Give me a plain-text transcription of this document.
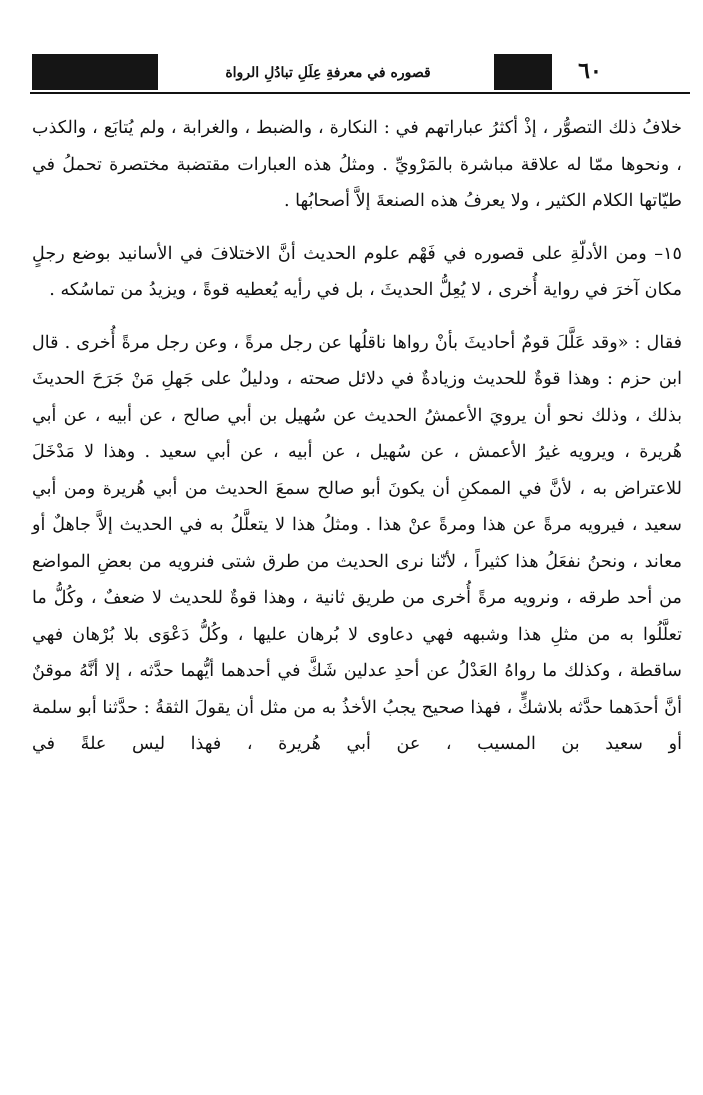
٦٠
قصوره في معرفةِ عِلَلِ تبادُلِ الرواة

خلافُ ذلك التصوُّر ، إذْ أكثرُ عباراتهم في : النكارة ، والضبط ، والغرابة ، ولم يُتابَع ، والكذب ، ونحوها ممّا له علاقة مباشرة بالمَرْويِّ . ومثلُ هذه العبارات مقتضبة مختصرة تحملُ في طيّاتها الكلام الكثير ، ولا يعرفُ هذه الصنعةَ إلاَّ أصحابُها .

١٥– ومن الأدلّةِ على قصوره في فَهْم علوم الحديث أنَّ الاختلافَ في الأسانيد بوضع رجلٍ مكان آخرَ في رواية أُخرى ، لا يُعِلُّ الحديثَ ، بل في رأيه يُعطيه قوةً ، ويزيدُ من تماسُكه .

فقال : «وقد عَلَّلَ قومٌ أحاديثَ بأنْ رواها ناقلُها عن رجل مرةً ، وعن رجل مرةً أُخرى . قال ابن حزم : وهذا قوةٌ للحديث وزيادةٌ في دلائل صحته ، ودليلٌ على جَهلِ مَنْ جَرَحَ الحديثَ بذلك ، وذلك نحو أن يرويَ الأعمشُ الحديث عن سُهيل بن أبي صالح ، عن أبيه ، عن أبي هُريرة ، ويرويه غيرُ الأعمش ، عن سُهيل ، عن أبيه ، عن أبي سعيد . وهذا لا مَدْخَلَ للاعتراض به ، لأنَّ في الممكنِ أن يكونَ أبو صالح سمعَ الحديث من أبي هُريرة ومن أبي سعيد ، فيرويه مرةً عن هذا ومرةً عنْ هذا . ومثلُ هذا لا يتعلَّلُ به في الحديث إلاَّ جاهلٌ أو معاند ، ونحنُ نفعَلُ هذا كثيراً ، لأنّنا نرى الحديث من طرق شتى فنرويه من بعضِ المواضع من أحد طرقه ، ونرويه مرةً أُخرى من طريق ثانية ، وهذا قوةٌ للحديث لا ضعفٌ ، وكُلُّ ما تعلَّلُوا به من مثلِ هذا وشبهه فهي دعاوى لا بُرهان عليها ، وكُلُّ دَعْوَى بلا بُرْهان فهي ساقطة ، وكذلك ما رواهُ العَدْلُ عن أحدِ عدلين شَكَّ في أحدهما أيُّهما حدَّثه ، إلا أنَّهُ موقنٌ أنَّ أحدَهما حدَّثه بلاشكٍّ ، فهذا صحيح يجبُ الأخذُ به من مثل أن يقولَ الثقةُ : حدَّثنا أبو سلمة أو سعيد بن المسيب ، عن أبي هُريرة ، فهذا ليس علةً في
